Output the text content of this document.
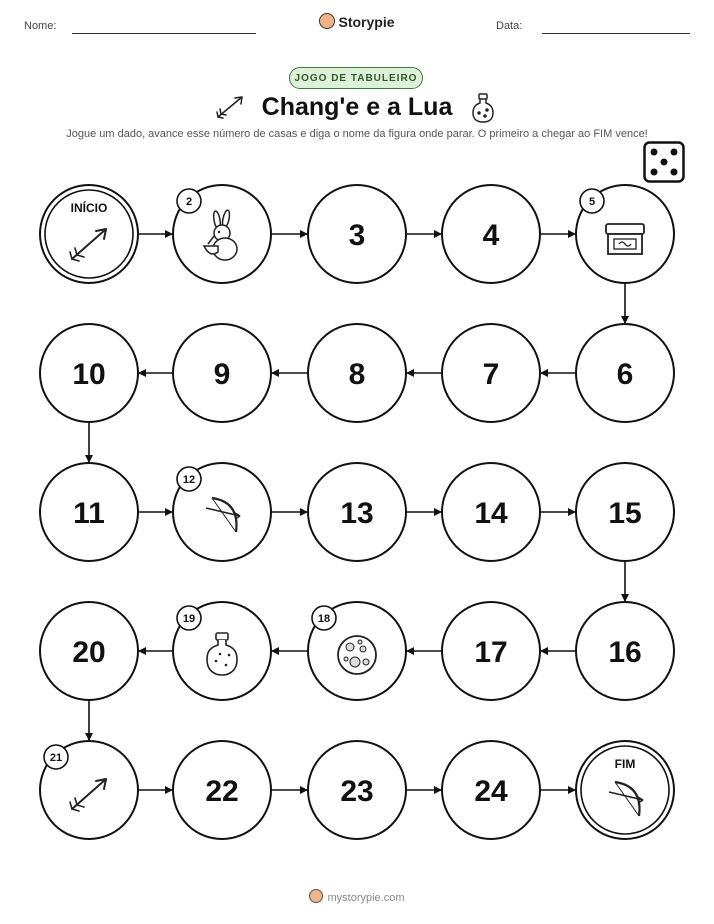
Nome:	Storypie	Data:
JOGO DE TABULEIRO
Chang'e e a Lua
Jogue um dado, avance esse número de casas e diga o nome da figura onde parar. O primeiro a chegar ao FIM vence!
INÍCIO	2
3	4
5
6
7
8
9
10
11
12
13	14	15
16
17
18
19
20
21
22	23	24
FIM
mystorypie.com
